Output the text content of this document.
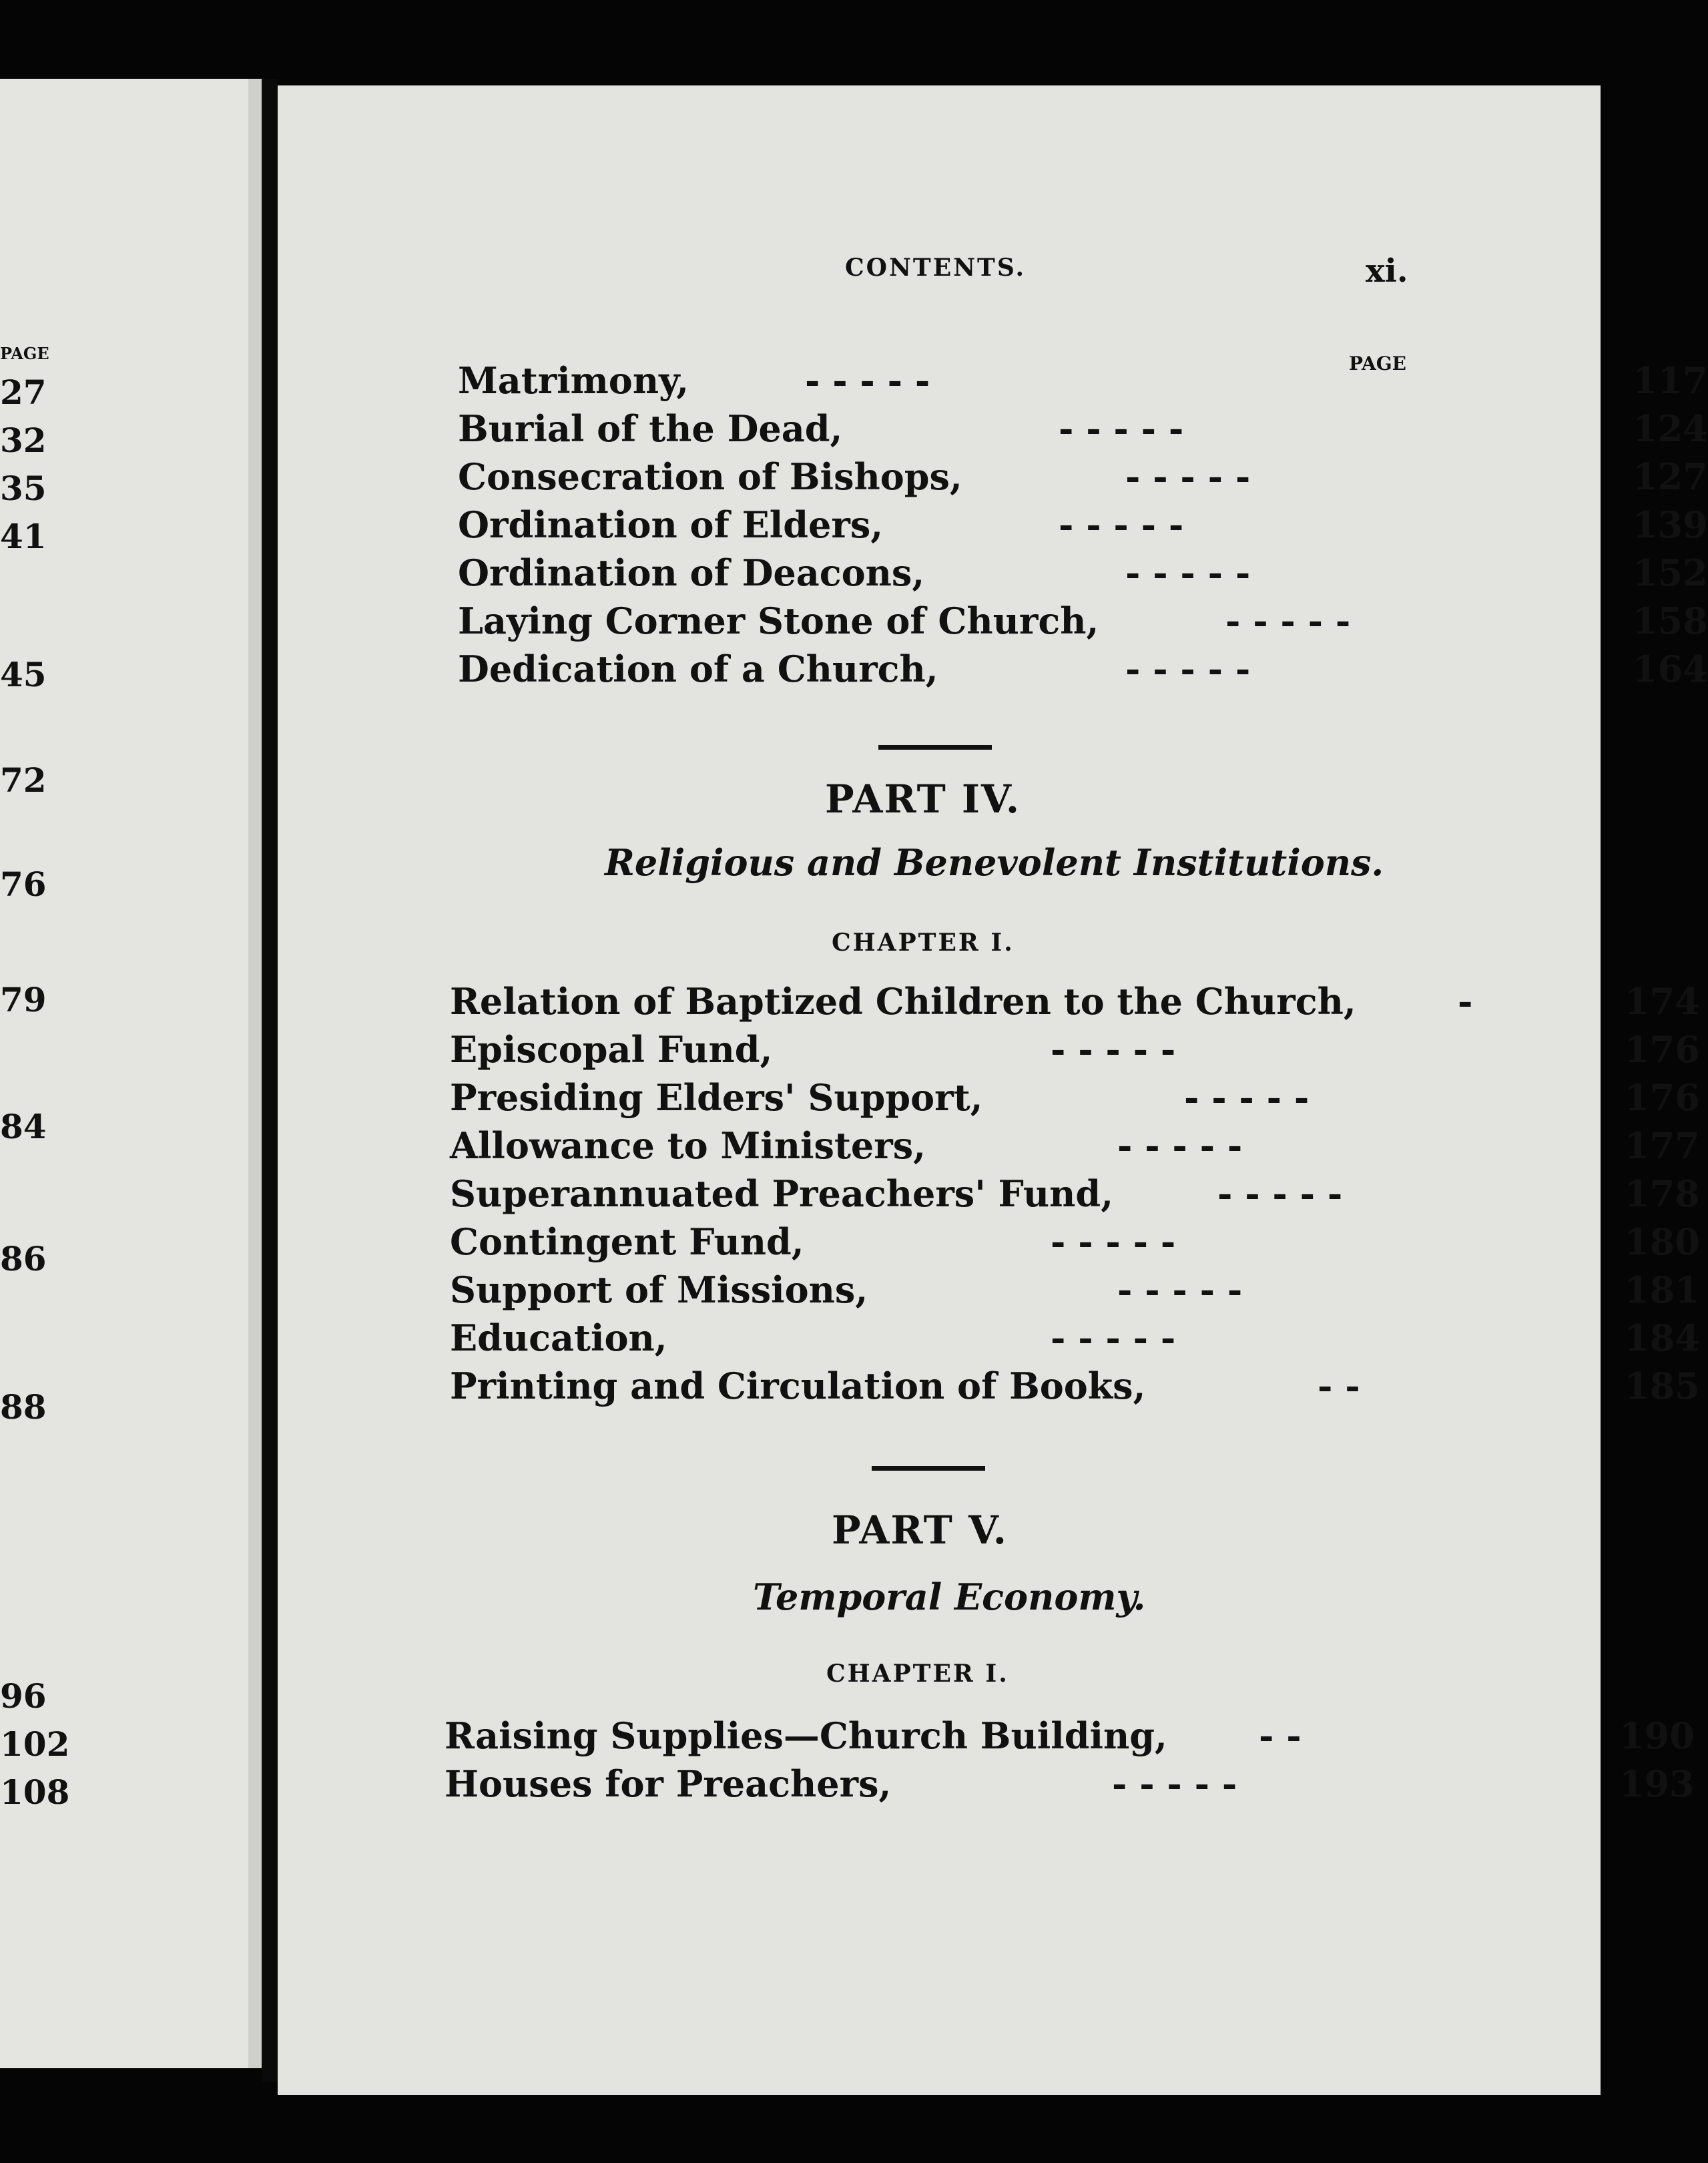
PAGE
27
32
35
41
45
72
76
79
84
86
88
96
102
108
CONTENTS.	xi.
PAGE
Matrimony,	- - - - -	117
Burial of the Dead,	- - - - -	124
Consecration of Bishops,	- - - - -	127
Ordination of Elders,	- - - - -	139
Ordination of Deacons,	- - - - -	152
Laying Corner Stone of Church,	- - - - -	158
Dedication of a Church,	- - - - -	164
PART IV.
Religious and Benevolent Institutions.
CHAPTER I.
Relation of Baptized Children to the Church,	-	174
Episcopal Fund,	- - - - -	176
Presiding Elders' Support,	- - - - -	176
Allowance to Ministers,	- - - - -	177
Superannuated Preachers' Fund,	- - - - -	178
Contingent Fund,	- - - - -	180
Support of Missions,	- - - - -	181
Education,	- - - - -	184
Printing and Circulation of Books,	- -	185
PART V.
Temporal Economy.
CHAPTER I.
Raising Supplies—Church Building,	- -	190
Houses for Preachers,	- - - - -	193
